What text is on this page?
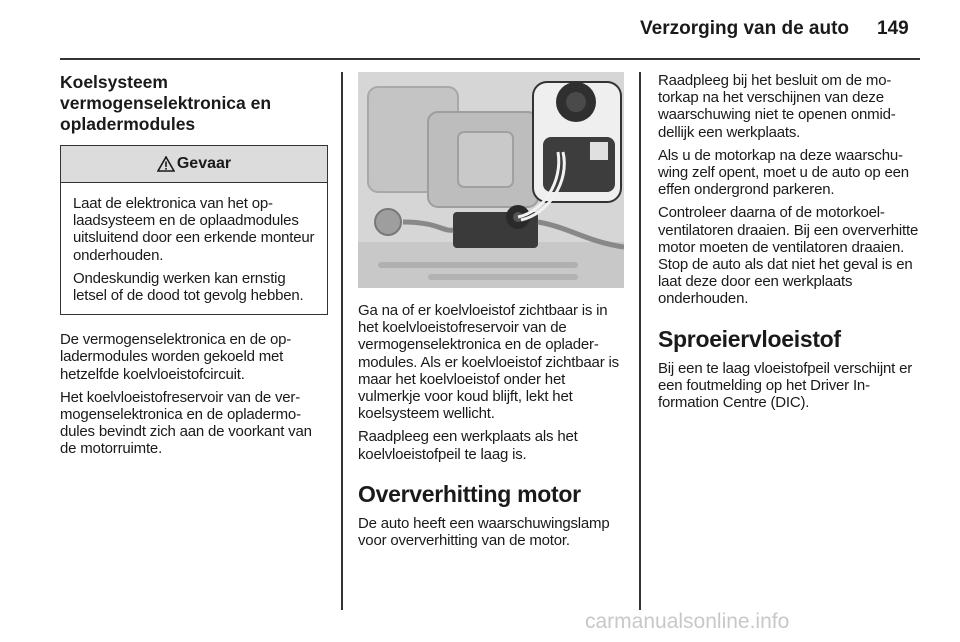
Verzorging van de auto 149
Koelsysteem
vermogenselektronica en
opladermodules
Gevaar

Laat de elektronica van het oplaadsysteem en de oplaadmodules uitsluitend door een erkende monteur onderhouden.

Ondeskundig werken kan ernstig letsel of de dood tot gevolg hebben.

De vermogenselektronica en de opladermodules worden gekoeld met hetzelfde koelvloeistofcircuit.

Het koelvloeistofreservoir van de vermogenselektronica en de opladermodules bevindt zich aan de voorkant van de motorruimte.

Ga na of er koelvloeistof zichtbaar is in het koelvloeistofreservoir van de vermogenselektronica en de opladermodules. Als er koelvloeistof zichtbaar is maar het koelvloeistof onder het vulmerkje voor koud blijft, lekt het koelsysteem wellicht.

Raadpleeg een werkplaats als het koelvloeistofpeil te laag is.

Oververhitting motor

De auto heeft een waarschuwingslamp voor oververhitting van de motor.

Raadpleeg bij het besluit om de motorkap na het verschijnen van deze waarschuwing niet te openen onmiddellijk een werkplaats.

Als u de motorkap na deze waarschuwing zelf opent, moet u de auto op een effen ondergrond parkeren.

Controleer daarna of de motorkoelventilatoren draaien. Bij een oververhitte motor moeten de ventilatoren draaien. Stop de auto als dat niet het geval is en laat deze door een werkplaats onderhouden.

Sproeiervloeistof

Bij een te laag vloeistofpeil verschijnt er een foutmelding op het Driver Information Centre (DIC).

carmanualsonline.info
